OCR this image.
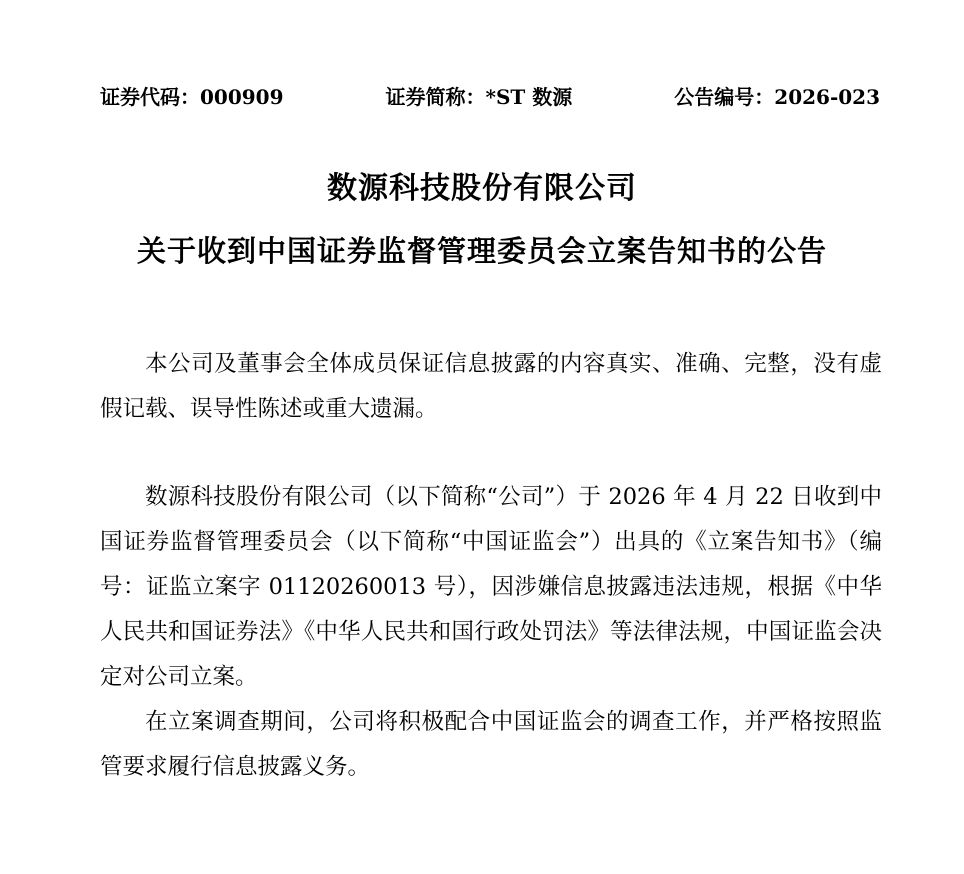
证券代码：000909	证券简称：*ST 数源	公告编号：2026-023
数源科技股份有限公司
关于收到中国证券监督管理委员会立案告知书的公告

本公司及董事会全体成员保证信息披露的内容真实、准确、完整，没有虚假记载、误导性陈述或重大遗漏。

数源科技股份有限公司（以下简称“公司”）于 2026 年 4 月 22 日收到中国证券监督管理委员会（以下简称“中国证监会”）出具的《立案告知书》（编号：证监立案字 01120260013 号），因涉嫌信息披露违法违规，根据《中华人民共和国证券法》《中华人民共和国行政处罚法》等法律法规，中国证监会决定对公司立案。

在立案调查期间，公司将积极配合中国证监会的调查工作，并严格按照监管要求履行信息披露义务。
